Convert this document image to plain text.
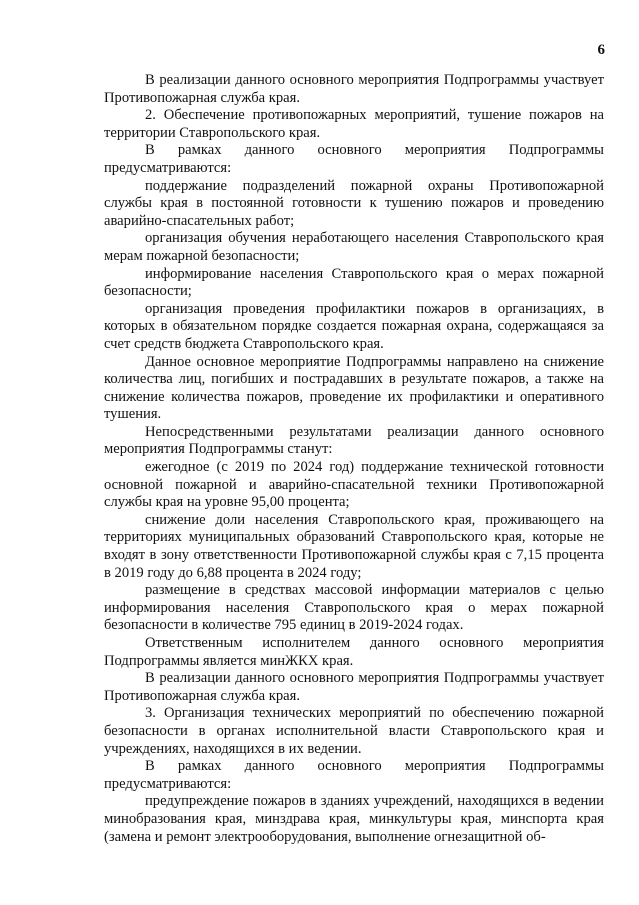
6

В реализации данного основного мероприятия Подпрограммы участвует Противопожарная служба края.

2. Обеспечение противопожарных мероприятий, тушение пожаров на территории Ставропольского края.

В рамках данного основного мероприятия Подпрограммы предусматриваются:

поддержание подразделений пожарной охраны Противопожарной службы края в постоянной готовности к тушению пожаров и проведению аварийно-спасательных работ;

организация обучения неработающего населения Ставропольского края мерам пожарной безопасности;

информирование населения Ставропольского края о мерах пожарной безопасности;

организация проведения профилактики пожаров в организациях, в которых в обязательном порядке создается пожарная охрана, содержащаяся за счет средств бюджета Ставропольского края.

Данное основное мероприятие Подпрограммы направлено на снижение количества лиц, погибших и пострадавших в результате пожаров, а также на снижение количества пожаров, проведение их профилактики и оперативного тушения.

Непосредственными результатами реализации данного основного мероприятия Подпрограммы станут:

ежегодное (с 2019 по 2024 год) поддержание технической готовности основной пожарной и аварийно-спасательной техники Противопожарной службы края на уровне 95,00 процента;

снижение доли населения Ставропольского края, проживающего на территориях муниципальных образований Ставропольского края, которые не входят в зону ответственности Противопожарной службы края с 7,15 процента в 2019 году до 6,88 процента в 2024 году;

размещение в средствах массовой информации материалов с целью информирования населения Ставропольского края о мерах пожарной безопасности в количестве 795 единиц в 2019-2024 годах.

Ответственным исполнителем данного основного мероприятия Подпрограммы является минЖКХ края.

В реализации данного основного мероприятия Подпрограммы участвует Противопожарная служба края.

3. Организация технических мероприятий по обеспечению пожарной безопасности в органах исполнительной власти Ставропольского края и учреждениях, находящихся в их ведении.

В рамках данного основного мероприятия Подпрограммы предусматриваются:

предупреждение пожаров в зданиях учреждений, находящихся в ведении минобразования края, минздрава края, минкультуры края, минспорта края (замена и ремонт электрооборудования, выполнение огнезащитной об-
